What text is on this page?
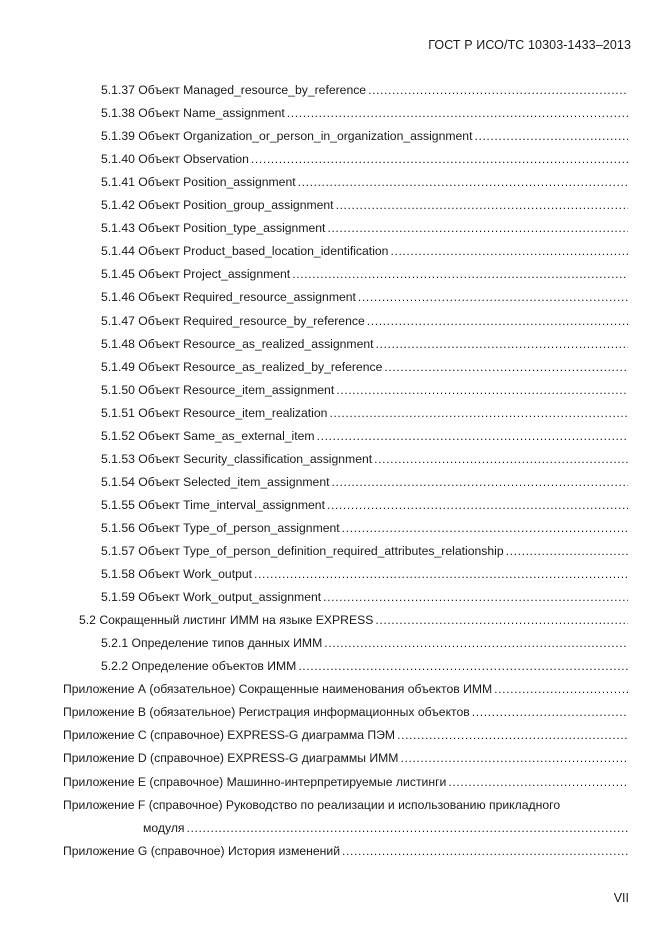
ГОСТ Р ИСО/ТС 10303-1433–2013
5.1.37 Объект Managed_resource_by_reference
.....
5.1.38 Объект Name_assignment
.....
5.1.39 Объект Organization_or_person_in_organization_assignment
.....
5.1.40 Объект Observation
.....
5.1.41 Объект Position_assignment
.....
5.1.42 Объект Position_group_assignment
.....
5.1.43 Объект Position_type_assignment
.....
5.1.44 Объект Product_based_location_identification
.....
5.1.45 Объект Project_assignment
.....
5.1.46 Объект Required_resource_assignment
.....
5.1.47 Объект Required_resource_by_reference
.....
5.1.48 Объект Resource_as_realized_assignment
.....
5.1.49 Объект Resource_as_realized_by_reference
.....
5.1.50 Объект Resource_item_assignment
.....
5.1.51 Объект Resource_item_realization
.....
5.1.52 Объект Same_as_external_item
.....
5.1.53 Объект Security_classification_assignment
.....
5.1.54 Объект Selected_item_assignment
.....
5.1.55 Объект Time_interval_assignment
.....
5.1.56 Объект Type_of_person_assignment
.....
5.1.57 Объект Type_of_person_definition_required_attributes_relationship
.....
5.1.58 Объект Work_output
.....
5.1.59 Объект Work_output_assignment
.....
5.2 Сокращенный листинг ИММ на языке EXPRESS
.....
5.2.1 Определение типов данных ИММ
.....
5.2.2 Определение объектов ИММ
.....
Приложение А (обязательное) Сокращенные наименования объектов ИММ
.....
Приложение В (обязательное) Регистрация информационных объектов
.....
Приложение С (справочное) EXPRESS-G диаграмма ПЭМ
.....
Приложение D (справочное) EXPRESS-G диаграммы ИММ
.....
Приложение Е (справочное) Машинно-интерпретируемые листинги
.....
Приложение F (справочное) Руководство по реализации и использованию прикладного
модуля
.....
Приложение G (справочное) История изменений
.....
VII
